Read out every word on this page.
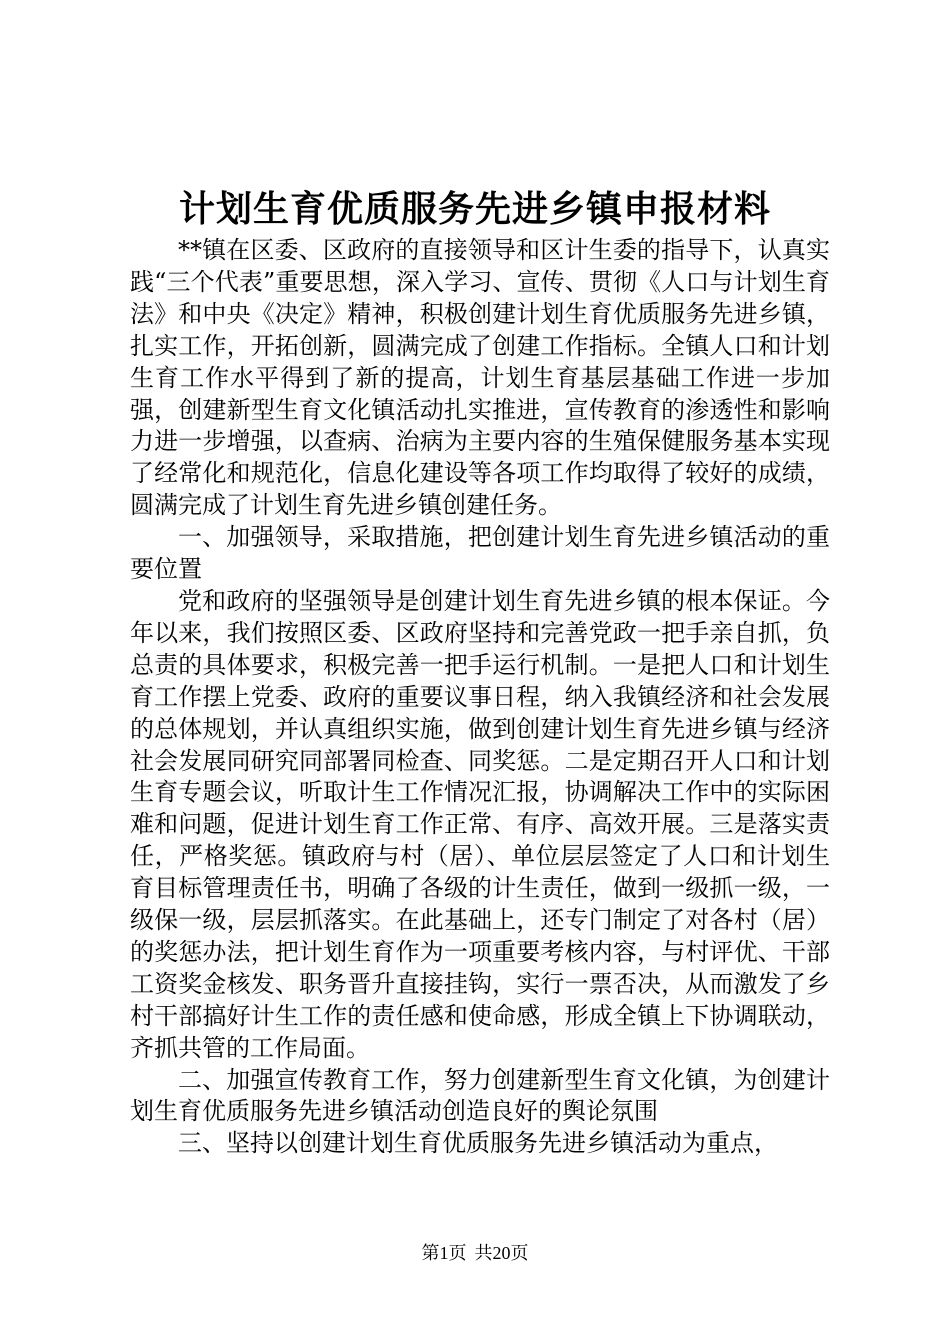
计划生育优质服务先进乡镇申报材料

**镇在区委、区政府的直接领导和区计生委的指导下，认真实践“三个代表”重要思想，深入学习、宣传、贯彻《人口与计划生育法》和中央《决定》精神，积极创建计划生育优质服务先进乡镇，扎实工作，开拓创新，圆满完成了创建工作指标。全镇人口和计划生育工作水平得到了新的提高，计划生育基层基础工作进一步加强，创建新型生育文化镇活动扎实推进，宣传教育的渗透性和影响力进一步增强，以查病、治病为主要内容的生殖保健服务基本实现了经常化和规范化，信息化建设等各项工作均取得了较好的成绩，圆满完成了计划生育先进乡镇创建任务。

一、加强领导，采取措施，把创建计划生育先进乡镇活动的重要位置

党和政府的坚强领导是创建计划生育先进乡镇的根本保证。今年以来，我们按照区委、区政府坚持和完善党政一把手亲自抓，负总责的具体要求，积极完善一把手运行机制。一是把人口和计划生育工作摆上党委、政府的重要议事日程，纳入我镇经济和社会发展的总体规划，并认真组织实施，做到创建计划生育先进乡镇与经济社会发展同研究同部署同检查、同奖惩。二是定期召开人口和计划生育专题会议，听取计生工作情况汇报，协调解决工作中的实际困难和问题，促进计划生育工作正常、有序、高效开展。三是落实责任，严格奖惩。镇政府与村（居）、单位层层签定了人口和计划生育目标管理责任书，明确了各级的计生责任，做到一级抓一级，一级保一级，层层抓落实。在此基础上，还专门制定了对各村（居）的奖惩办法，把计划生育作为一项重要考核内容，与村评优、干部工资奖金核发、职务晋升直接挂钩，实行一票否决，从而激发了乡村干部搞好计生工作的责任感和使命感，形成全镇上下协调联动，齐抓共管的工作局面。

二、加强宣传教育工作，努力创建新型生育文化镇，为创建计划生育优质服务先进乡镇活动创造良好的舆论氛围

三、坚持以创建计划生育优质服务先进乡镇活动为重点，

第1页 共20页
